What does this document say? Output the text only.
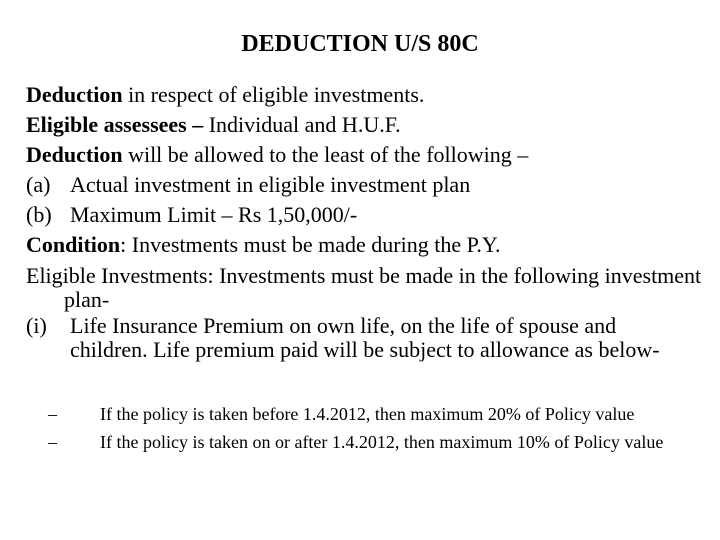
DEDUCTION U/S 80C
Deduction in respect of eligible investments.
Eligible assessees – Individual and H.U.F.
Deduction will be allowed to the least of the following –
(a) Actual investment in eligible investment plan
(b) Maximum Limit – Rs 1,50,000/-
Condition: Investments must be made during the P.Y.
Eligible Investments: Investments must be made in the following investment plan-
(i)	Life Insurance Premium on own life, on the life of spouse and children. Life premium paid will be subject to allowance as below-
–	If the policy is taken before 1.4.2012, then maximum 20% of Policy value
–	If the policy is taken on or after 1.4.2012, then maximum 10% of Policy value
